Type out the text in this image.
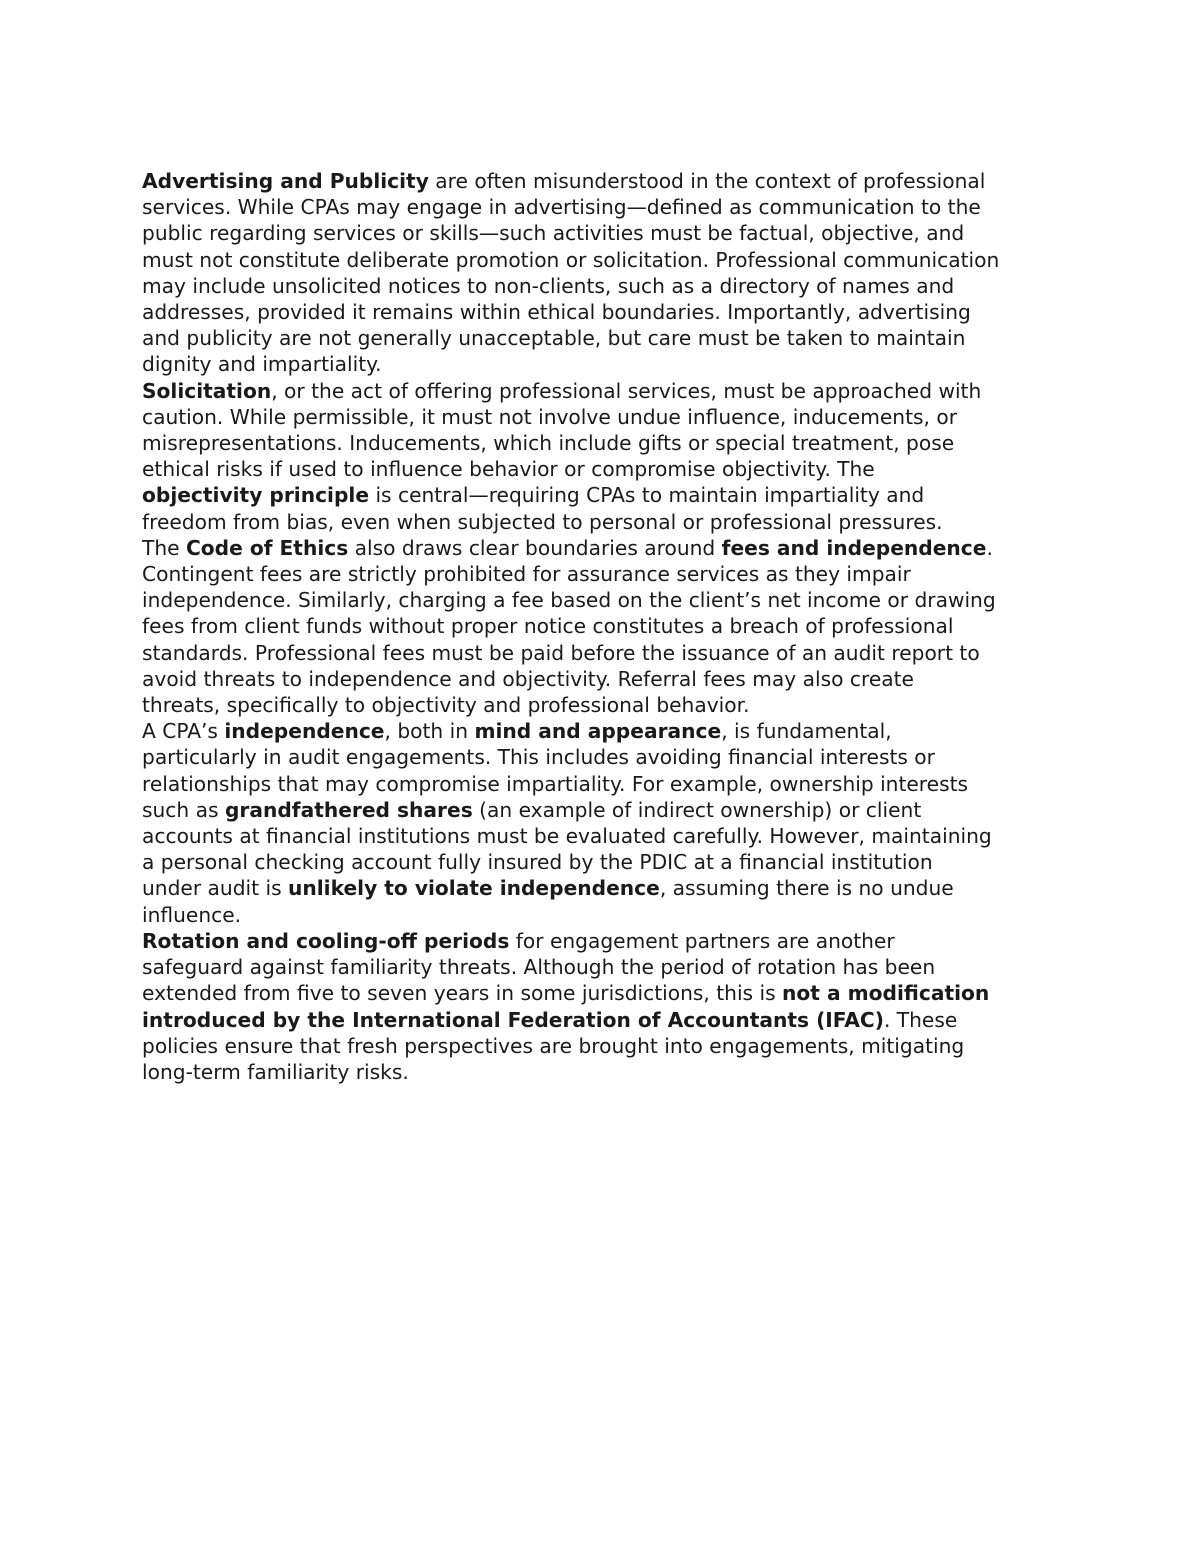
Advertising and Publicity are often misunderstood in the context of professional
services. While CPAs may engage in advertising—defined as communication to the
public regarding services or skills—such activities must be factual, objective, and
must not constitute deliberate promotion or solicitation. Professional communication
may include unsolicited notices to non-clients, such as a directory of names and
addresses, provided it remains within ethical boundaries. Importantly, advertising
and publicity are not generally unacceptable, but care must be taken to maintain
dignity and impartiality.

Solicitation, or the act of offering professional services, must be approached with
caution. While permissible, it must not involve undue influence, inducements, or
misrepresentations. Inducements, which include gifts or special treatment, pose
ethical risks if used to influence behavior or compromise objectivity. The
objectivity principle is central—requiring CPAs to maintain impartiality and
freedom from bias, even when subjected to personal or professional pressures.

The Code of Ethics also draws clear boundaries around fees and independence.
Contingent fees are strictly prohibited for assurance services as they impair
independence. Similarly, charging a fee based on the client’s net income or drawing
fees from client funds without proper notice constitutes a breach of professional
standards. Professional fees must be paid before the issuance of an audit report to
avoid threats to independence and objectivity. Referral fees may also create
threats, specifically to objectivity and professional behavior.

A CPA’s independence, both in mind and appearance, is fundamental,
particularly in audit engagements. This includes avoiding financial interests or
relationships that may compromise impartiality. For example, ownership interests
such as grandfathered shares (an example of indirect ownership) or client
accounts at financial institutions must be evaluated carefully. However, maintaining
a personal checking account fully insured by the PDIC at a financial institution
under audit is unlikely to violate independence, assuming there is no undue
influence.

Rotation and cooling-off periods for engagement partners are another
safeguard against familiarity threats. Although the period of rotation has been
extended from five to seven years in some jurisdictions, this is not a modification
introduced by the International Federation of Accountants (IFAC). These
policies ensure that fresh perspectives are brought into engagements, mitigating
long-term familiarity risks.
